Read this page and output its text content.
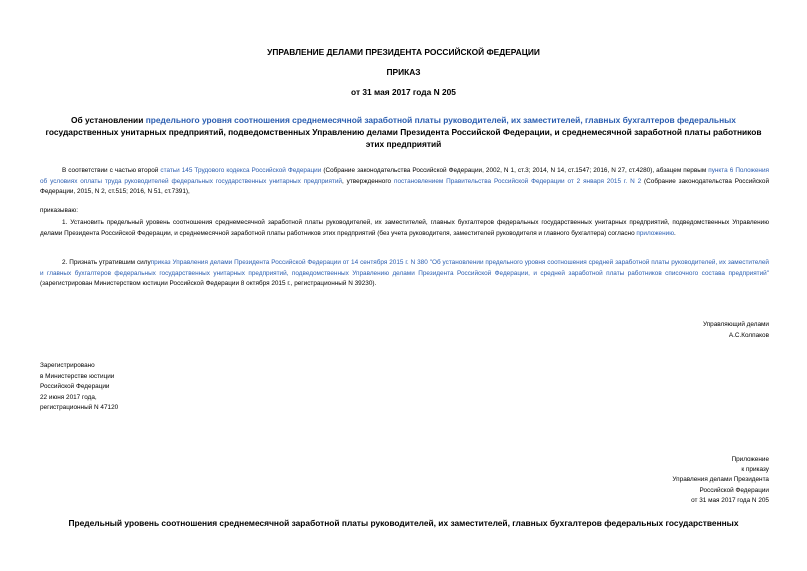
УПРАВЛЕНИЕ ДЕЛАМИ ПРЕЗИДЕНТА РОССИЙСКОЙ ФЕДЕРАЦИИ
ПРИКАЗ
от 31 мая 2017 года N 205
Об установлении предельного уровня соотношения среднемесячной заработной платы руководителей, их заместителей, главных бухгалтеров федеральных государственных унитарных предприятий, подведомственных Управлению делами Президента Российской Федерации, и среднемесячной заработной платы работников этих предприятий
В соответствии с частью второй статьи 145 Трудового кодекса Российской Федерации (Собрание законодательства Российской Федерации, 2002, N 1, ст.3; 2014, N 14, ст.1547; 2016, N 27, ст.4280), абзацем первым пункта 6 Положения об условиях оплаты труда руководителей федеральных государственных унитарных предприятий, утвержденного постановлением Правительства Российской Федерации от 2 января 2015 г. N 2 (Собрание законодательства Российской Федерации, 2015, N 2, ст.515; 2016, N 51, ст.7391),
приказываю:
1. Установить предельный уровень соотношения среднемесячной заработной платы руководителей, их заместителей, главных бухгалтеров федеральных государственных унитарных предприятий, подведомственных Управлению делами Президента Российской Федерации, и среднемесячной заработной платы работников этих предприятий (без учета руководителя, заместителей руководителя и главного бухгалтера) согласно приложению.
2. Признать утратившим силуприказ Управления делами Президента Российской Федерации от 14 сентября 2015 г. N 380 "Об установлении предельного уровня соотношения средней заработной платы руководителей, их заместителей и главных бухгалтеров федеральных государственных унитарных предприятий, подведомственных Управлению делами Президента Российской Федерации, и средней заработной платы работников списочного состава предприятий" (зарегистрирован Министерством юстиции Российской Федерации 8 октября 2015 г., регистрационный N 39230).
Управляющий делами
А.С.Колпаков
Зарегистрировано
в Министерстве юстиции
Российской Федерации
22 июня 2017 года,
регистрационный N 47120
Приложение
к приказу
Управления делами Президента
Российской Федерации
от 31 мая 2017 года N 205
Предельный уровень соотношения среднемесячной заработной платы руководителей, их заместителей, главных бухгалтеров федеральных государственных
